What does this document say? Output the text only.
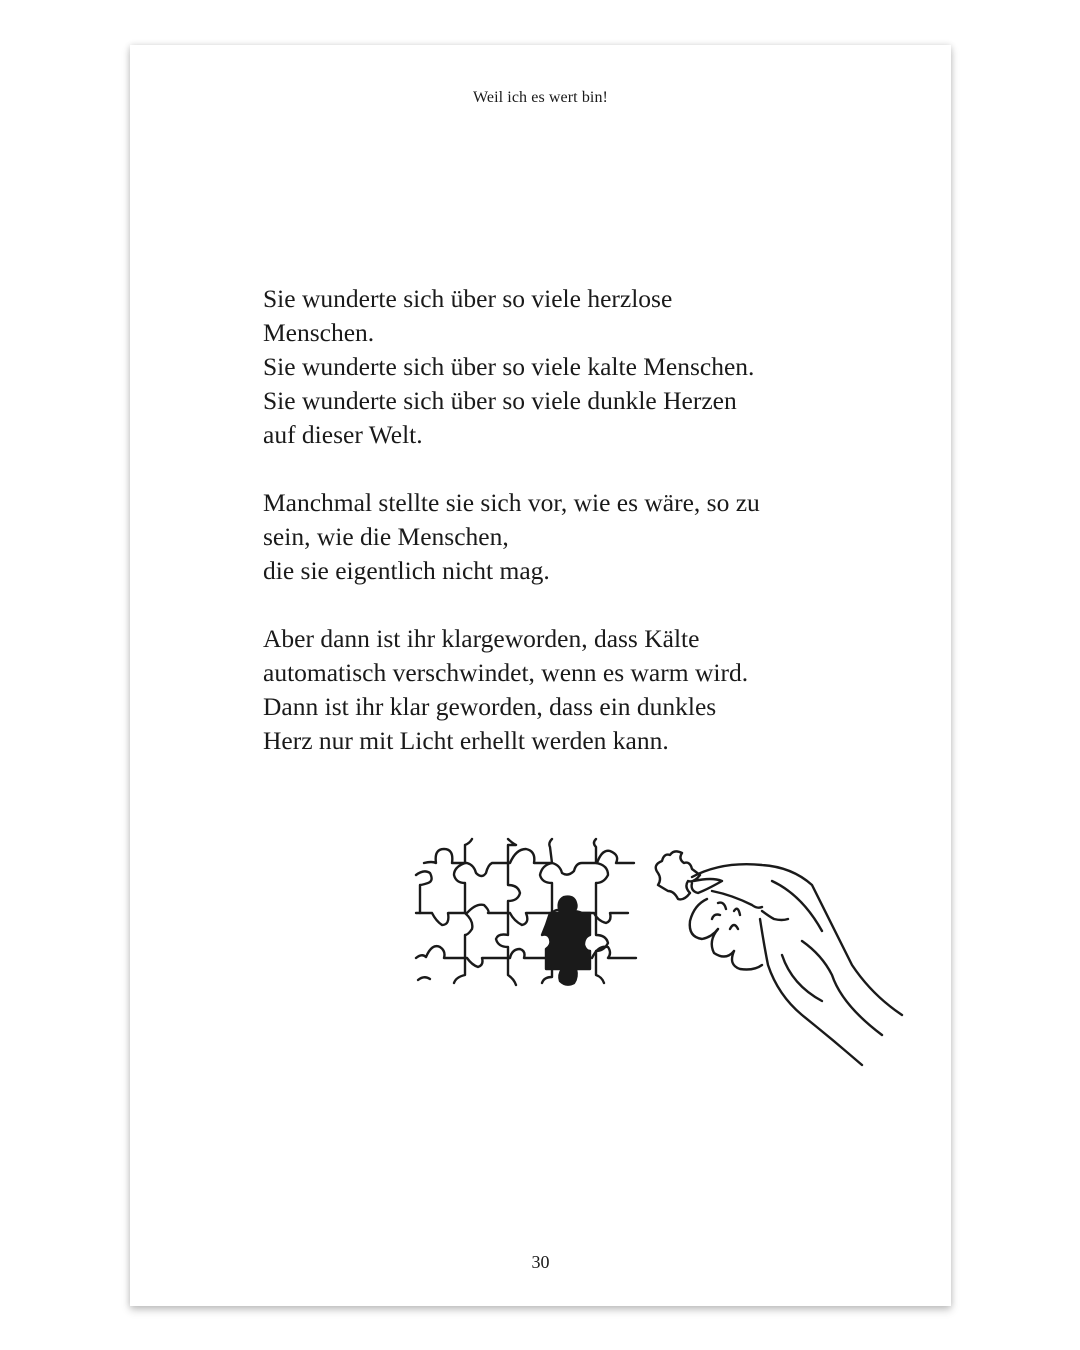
Weil ich es wert bin!
Sie wunderte sich über so viele herzlose
Menschen.
Sie wunderte sich über so viele kalte Menschen.
Sie wunderte sich über so viele dunkle Herzen
auf dieser Welt.
Manchmal stellte sie sich vor, wie es wäre, so zu
sein, wie die Menschen,
die sie eigentlich nicht mag.
Aber dann ist ihr klargeworden, dass Kälte
automatisch verschwindet, wenn es warm wird.
Dann ist ihr klar geworden, dass ein dunkles
Herz nur mit Licht erhellt werden kann.
30
